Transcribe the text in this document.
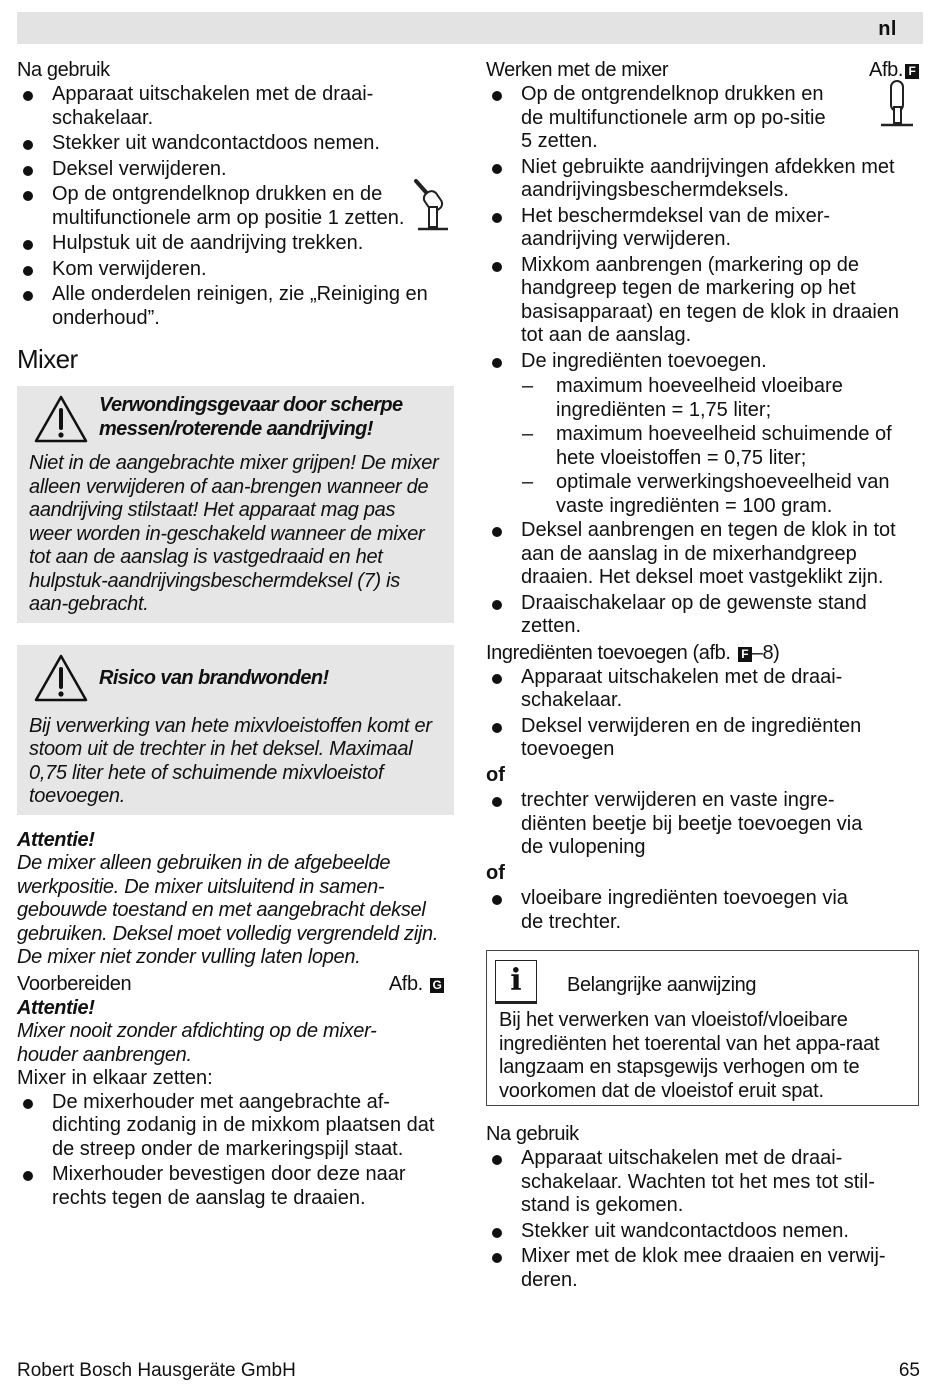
nl
Na gebruik
Apparaat uitschakelen met de draai-schakelaar.
Stekker uit wandcontactdoos nemen.
Deksel verwijderen.
Op de ontgrendelknop drukken en de multifunctionele arm op positie 1 zetten.
Hulpstuk uit de aandrijving trekken.
Kom verwijderen.
Alle onderdelen reinigen, zie „Reiniging en onderhoud”.
Mixer
Verwondingsgevaar door scherpe messen/roterende aandrijving!
Niet in de aangebrachte mixer grijpen! De mixer alleen verwijderen of aan-brengen wanneer de aandrijving stilstaat! Het apparaat mag pas weer worden in-geschakeld wanneer de mixer tot aan de aanslag is vastgedraaid en het hulpstuk-aandrijvingsbeschermdeksel (7) is aan-gebracht.
Risico van brandwonden!
Bij verwerking van hete mixvloeistoffen komt er stoom uit de trechter in het deksel. Maximaal 0,75 liter hete of schuimende mixvloeistof toevoegen.
Attentie!
De mixer alleen gebruiken in de afgebeelde werkpositie. De mixer uitsluitend in samen-gebouwde toestand en met aangebracht deksel gebruiken. Deksel moet volledig vergrendeld zijn.
De mixer niet zonder vulling laten lopen.
Voorbereiden	Afb. G
Attentie!
Mixer nooit zonder afdichting op de mixer-houder aanbrengen.
Mixer in elkaar zetten:
De mixerhouder met aangebrachte af-dichting zodanig in de mixkom plaatsen dat de streep onder de markeringspijl staat.
Mixerhouder bevestigen door deze naar rechts tegen de aanslag te draaien.
Werken met de mixer	Afb. F
Op de ontgrendelknop drukken en de multifunctionele arm op po-sitie 5 zetten.
Niet gebruikte aandrijvingen afdekken met aandrijvingsbeschermdeksels.
Het beschermdeksel van de mixer-aandrijving verwijderen.
Mixkom aanbrengen (markering op de handgreep tegen de markering op het basisapparaat) en tegen de klok in draaien tot aan de aanslag.
De ingrediënten toevoegen.
– maximum hoeveelheid vloeibare ingrediënten = 1,75 liter;
– maximum hoeveelheid schuimende of hete vloeistoffen = 0,75 liter;
– optimale verwerkingshoeveelheid van vaste ingrediënten = 100 gram.
Deksel aanbrengen en tegen de klok in tot aan de aanslag in de mixerhandgreep draaien. Het deksel moet vastgeklikt zijn.
Draaischakelaar op de gewenste stand zetten.
Ingrediënten toevoegen (afb. F –8)
Apparaat uitschakelen met de draai-schakelaar.
Deksel verwijderen en de ingrediënten toevoegen
of
trechter verwijderen en vaste ingre-diënten beetje bij beetje toevoegen via de vulopening
of
vloeibare ingrediënten toevoegen via de trechter.
i	Belangrijke aanwijzing
Bij het verwerken van vloeistof/vloeibare ingrediënten het toerental van het appa-raat langzaam en stapsgewijs verhogen om te voorkomen dat de vloeistof eruit spat.
Na gebruik
Apparaat uitschakelen met de draai-schakelaar. Wachten tot het mes tot stil-stand is gekomen.
Stekker uit wandcontactdoos nemen.
Mixer met de klok mee draaien en verwij-deren.
Robert Bosch Hausgeräte GmbH	65
